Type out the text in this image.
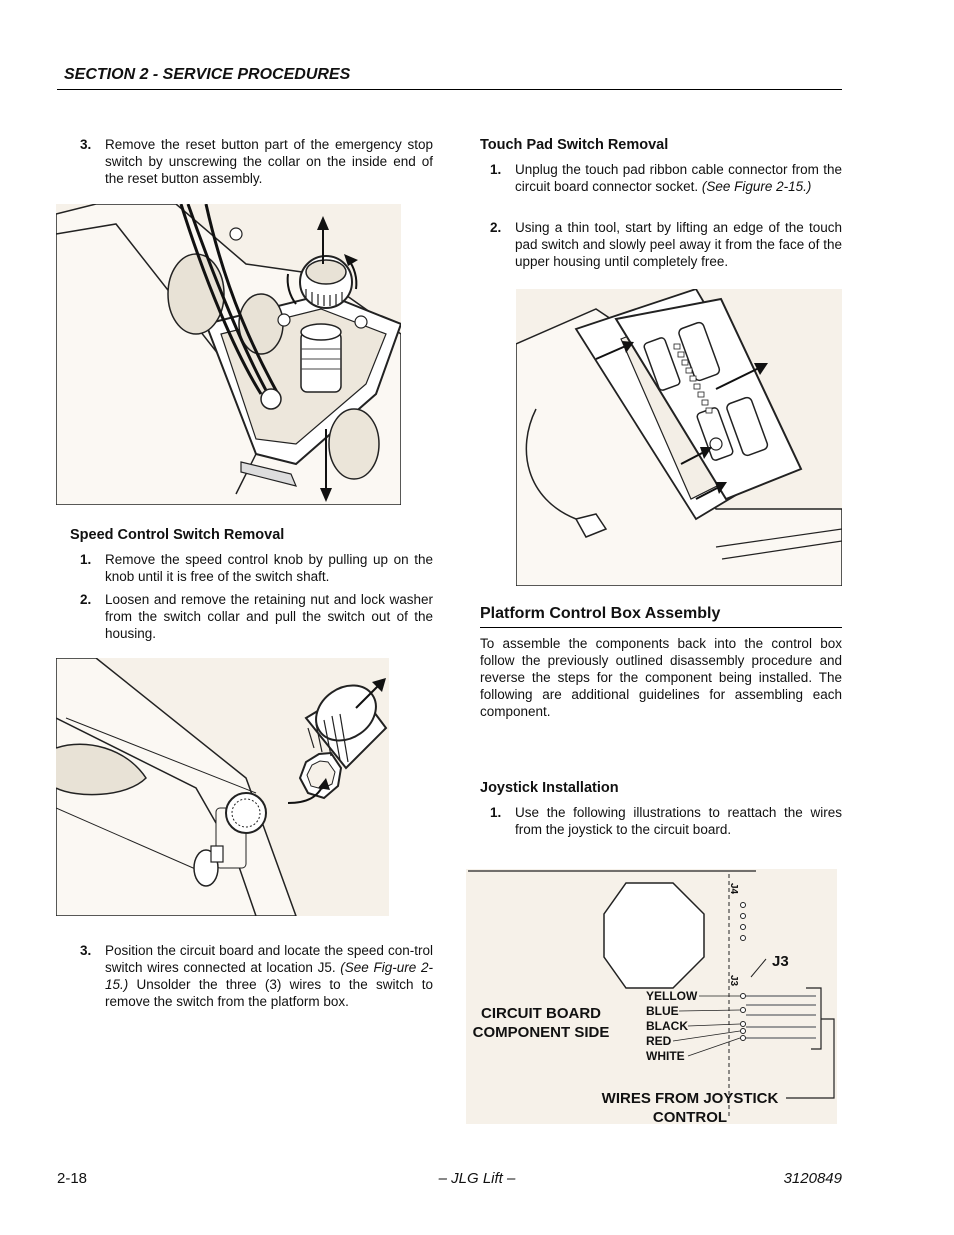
SECTION 2 - SERVICE PROCEDURES
3. Remove the reset button part of the emergency stop switch by unscrewing the collar on the inside end of the reset button assembly.
Speed Control Switch Removal
1. Remove the speed control knob by pulling up on the knob until it is free of the switch shaft.
2. Loosen and remove the retaining nut and lock washer from the switch collar and pull the switch out of the housing.
3. Position the circuit board and locate the speed con-trol switch wires connected at location J5. (See Fig-ure 2-15.) Unsolder the three (3) wires to the switch to remove the switch from the platform box.
Touch Pad Switch Removal
1. Unplug the touch pad ribbon cable connector from the circuit board connector socket. (See Figure 2-15.)
2. Using a thin tool, start by lifting an edge of the touch pad switch and slowly peel away it from the face of the upper housing until completely free.
Platform Control Box Assembly
To assemble the components back into the control box follow the previously outlined disassembly procedure and reverse the steps for the component being installed. The following are additional guidelines for assembling each component.
Joystick Installation
1. Use the following illustrations to reattach the wires from the joystick to the circuit board.
J4
J3
J3
YELLOW
BLUE
BLACK
RED
WHITE
CIRCUIT BOARD
COMPONENT SIDE
WIRES FROM JOYSTICK
CONTROL
2-18	– JLG Lift –	3120849
